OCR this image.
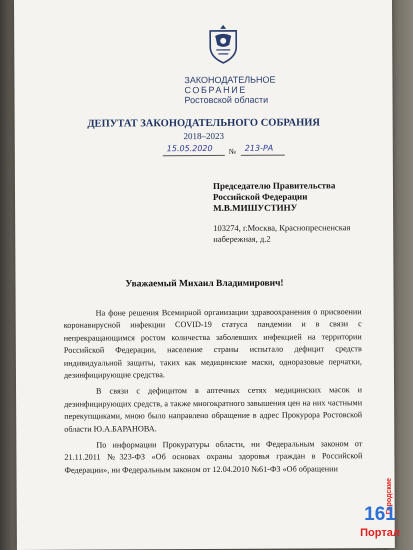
ЗАКОНОДАТЕЛЬНОЕ
СОБРАНИЕ
Ростовской области
ДЕПУТАТ ЗАКОНОДАТЕЛЬНОГО СОБРАНИЯ
2018–2023
15.05.2020 № 213-РА
Председателю Правительства
Российской Федерации
М.В.МИШУСТИНУ
103274, г.Москва, Краснопресненская
набережная, д.2
Уважаемый Михаил Владимирович!

На фоне решения Всемирной организации здравоохранения о присвоении коронавирусной инфекции COVID-19 статуса пандемии и в связи с непрекращающимся ростом количества заболевших инфекцией на территории Российской Федерации, население страны испытало дефицит средств индивидуальной защиты, таких как медицинские маски, одноразовые перчатки, дезинфицирующие средства.

В связи с дефицитом в аптечных сетях медицинских масок и дезинфицирующих средств, а также многократного завышения цен на них частными перекупщиками, мною было направлено обращение в адрес Прокурора Ростовской области Ю.А.БАРАНОВА.

По информации Прокуратуры области, ни Федеральным законом от 21.11.2011 №323-ФЗ «Об основах охраны здоровья граждан в Российской Федерации», ни Федеральным законом от 12.04.2010 №61-ФЗ «Об обращении

Городские
161
Портал
